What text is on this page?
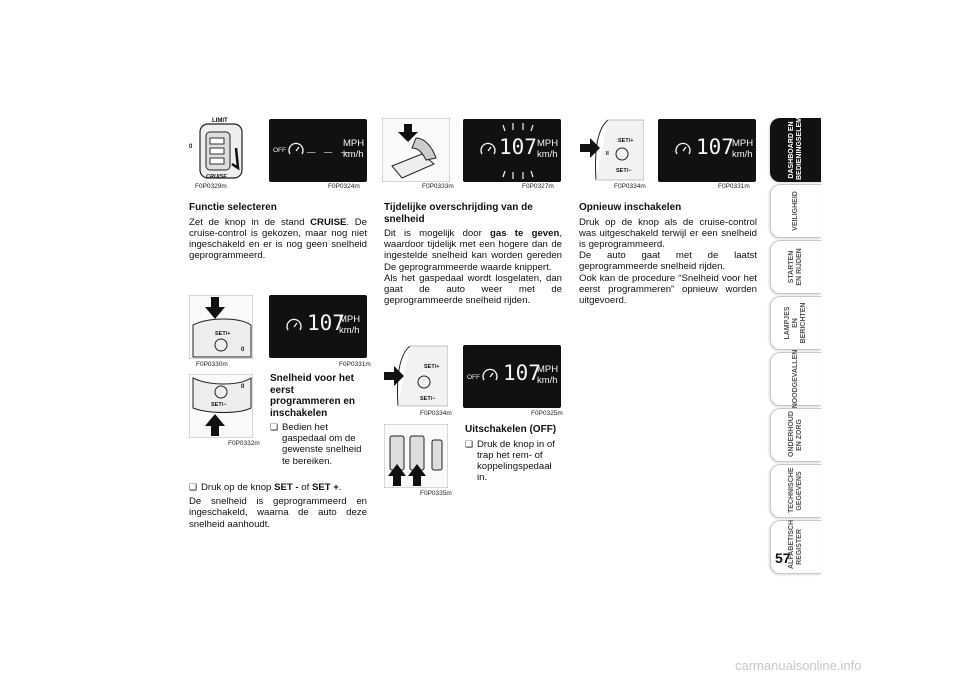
LIMIT
0
CRUISE
F0P0329m
OFF _ _ _
MPH
km/h
F0P0324m	F0P0333m
107 MPH
km/h
F0P0327m
SET/+
SET/−
II
F0P0334m
107
MPH
km/h
F0P0331m

Functie selecteren

Zet de knop in de stand CRUISE. De cruise-control is gekozen, maar nog niet ingeschakeld en er is nog geen snelheid geprogrammeerd.

SET/+
0
F0P0330m
107
MPH
km/h
F0P0331m
SET/−
0
F0P0332m

Snelheid voor het eerst programmeren en inschakelen

❏ Bedien het gaspedaal om de gewenste snelheid te bereiken.

❏ Druk op de knop SET - of SET +.

De snelheid is geprogrammeerd en ingeschakeld, waarna de auto deze snelheid aanhoudt.

Tijdelijke overschrijding van de snelheid

Dit is mogelijk door gas te geven, waardoor tijdelijk met een hogere dan de ingestelde snelheid kan worden gereden De geprogrammeerde waarde knippert.

Als het gaspedaal wordt losgelaten, dan gaat de auto weer met de geprogrammeerde snelheid rijden.

SET/+
SET/−
F0P0334m
OFF 107
MPH
km/h
F0P0325m
F0P0335m

Uitschakelen (OFF)

❏ Druk de knop in of trap het rem- of koppelingspedaal in.

Opnieuw inschakelen

Druk op de knop als de cruise-control was uitgeschakeld terwijl er een snelheid is geprogrammeerd.

De auto gaat met de laatst geprogrammeerde snelheid rijden.

Ook kan de procedure “Snelheid voor het eerst programmeren” opnieuw worden uitgevoerd.

DASHBOARD EN BEDIENINGSELEMENTEN
VEILIGHEID
STARTEN EN RIJDEN
LAMPJES EN BERICHTEN
NOODGEVALLEN
ONDERHOUD EN ZORG
TECHNISCHE GEGEVENS
ALFABETISCH REGISTER
57
carmanualsonline.info
